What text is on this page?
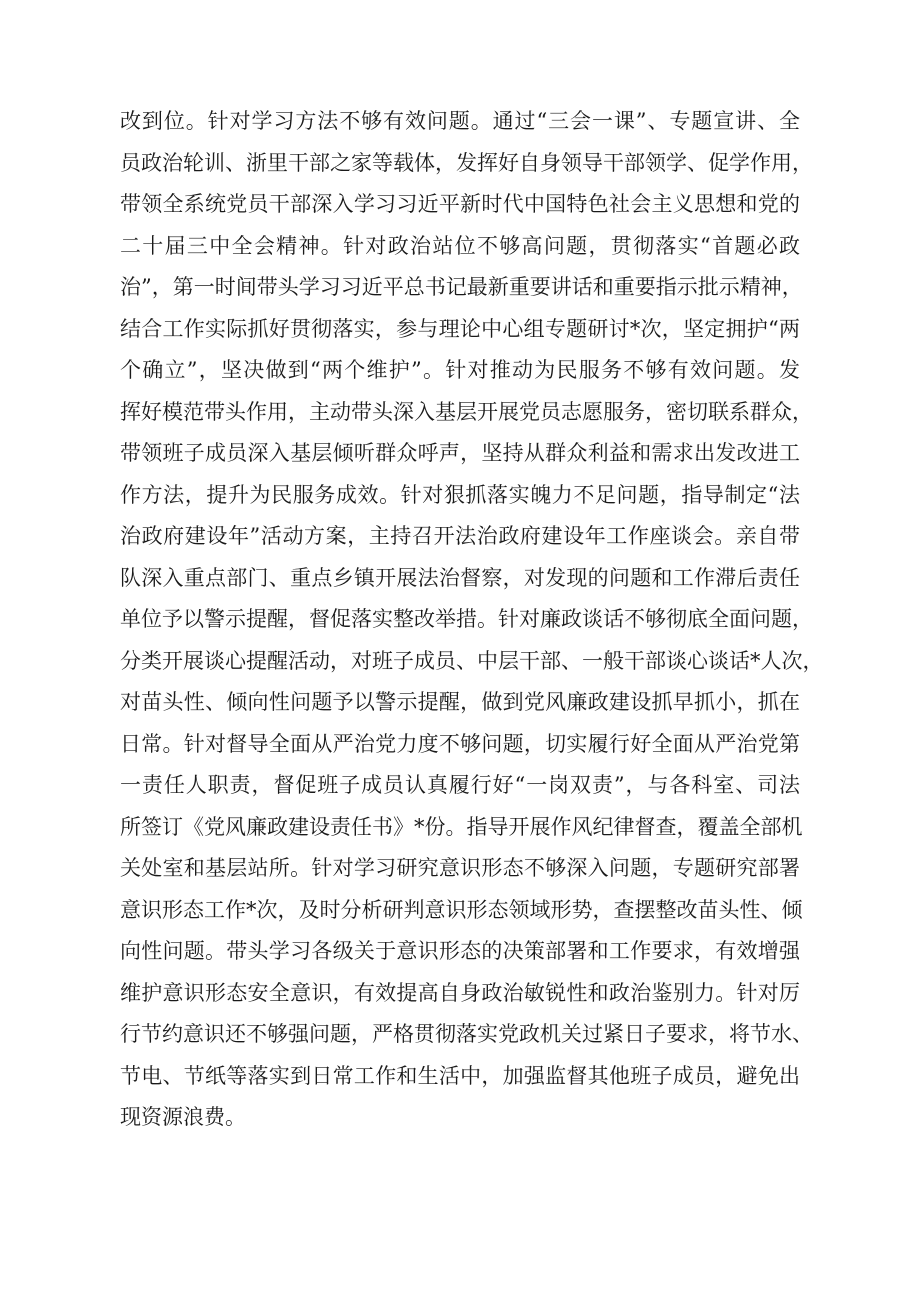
改到位。针对学习方法不够有效问题。通过“三会一课”、专题宣讲、全
员政治轮训、浙里干部之家等载体，发挥好自身领导干部领学、促学作用，
带领全系统党员干部深入学习习近平新时代中国特色社会主义思想和党的
二十届三中全会精神。针对政治站位不够高问题，贯彻落实“首题必政
治”，第一时间带头学习习近平总书记最新重要讲话和重要指示批示精神，
结合工作实际抓好贯彻落实，参与理论中心组专题研讨*次，坚定拥护“两
个确立”，坚决做到“两个维护”。针对推动为民服务不够有效问题。发
挥好模范带头作用，主动带头深入基层开展党员志愿服务，密切联系群众，
带领班子成员深入基层倾听群众呼声，坚持从群众利益和需求出发改进工
作方法，提升为民服务成效。针对狠抓落实魄力不足问题，指导制定“法
治政府建设年”活动方案，主持召开法治政府建设年工作座谈会。亲自带
队深入重点部门、重点乡镇开展法治督察，对发现的问题和工作滞后责任
单位予以警示提醒，督促落实整改举措。针对廉政谈话不够彻底全面问题，
分类开展谈心提醒活动，对班子成员、中层干部、一般干部谈心谈话*人次，
对苗头性、倾向性问题予以警示提醒，做到党风廉政建设抓早抓小，抓在
日常。针对督导全面从严治党力度不够问题，切实履行好全面从严治党第
一责任人职责，督促班子成员认真履行好“一岗双责”，与各科室、司法
所签订《党风廉政建设责任书》*份。指导开展作风纪律督查，覆盖全部机
关处室和基层站所。针对学习研究意识形态不够深入问题，专题研究部署
意识形态工作*次，及时分析研判意识形态领域形势，查摆整改苗头性、倾
向性问题。带头学习各级关于意识形态的决策部署和工作要求，有效增强
维护意识形态安全意识，有效提高自身政治敏锐性和政治鉴别力。针对厉
行节约意识还不够强问题，严格贯彻落实党政机关过紧日子要求，将节水、
节电、节纸等落实到日常工作和生活中，加强监督其他班子成员，避免出
现资源浪费。
